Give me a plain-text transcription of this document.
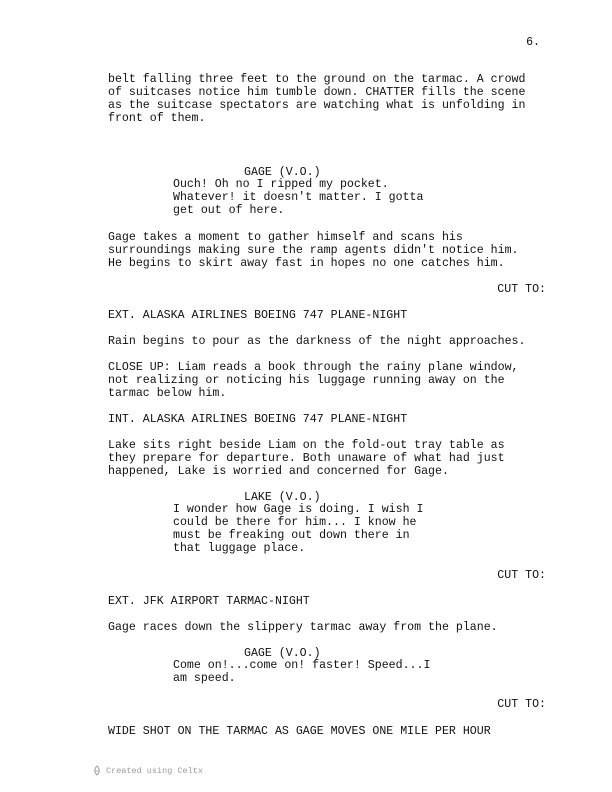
6.
belt falling three feet to the ground on the tarmac. A crowd
of suitcases notice him tumble down. CHATTER fills the scene
as the suitcase spectators are watching what is unfolding in
front of them.
GAGE (V.O.)
Ouch! Oh no I ripped my pocket.
Whatever! it doesn't matter. I gotta
get out of here.
Gage takes a moment to gather himself and scans his
surroundings making sure the ramp agents didn't notice him.
He begins to skirt away fast in hopes no one catches him.
CUT TO:
EXT. ALASKA AIRLINES BOEING 747 PLANE-NIGHT
Rain begins to pour as the darkness of the night approaches.
CLOSE UP: Liam reads a book through the rainy plane window,
not realizing or noticing his luggage running away on the
tarmac below him.
INT. ALASKA AIRLINES BOEING 747 PLANE-NIGHT
Lake sits right beside Liam on the fold-out tray table as
they prepare for departure. Both unaware of what had just
happened, Lake is worried and concerned for Gage.
LAKE (V.O.)
I wonder how Gage is doing. I wish I
could be there for him... I know he
must be freaking out down there in
that luggage place.
CUT TO:
EXT. JFK AIRPORT TARMAC-NIGHT
Gage races down the slippery tarmac away from the plane.
GAGE (V.O.)
Come on!...come on! faster! Speed...I
am speed.
CUT TO:
WIDE SHOT ON THE TARMAC AS GAGE MOVES ONE MILE PER HOUR
Created using Celtx
